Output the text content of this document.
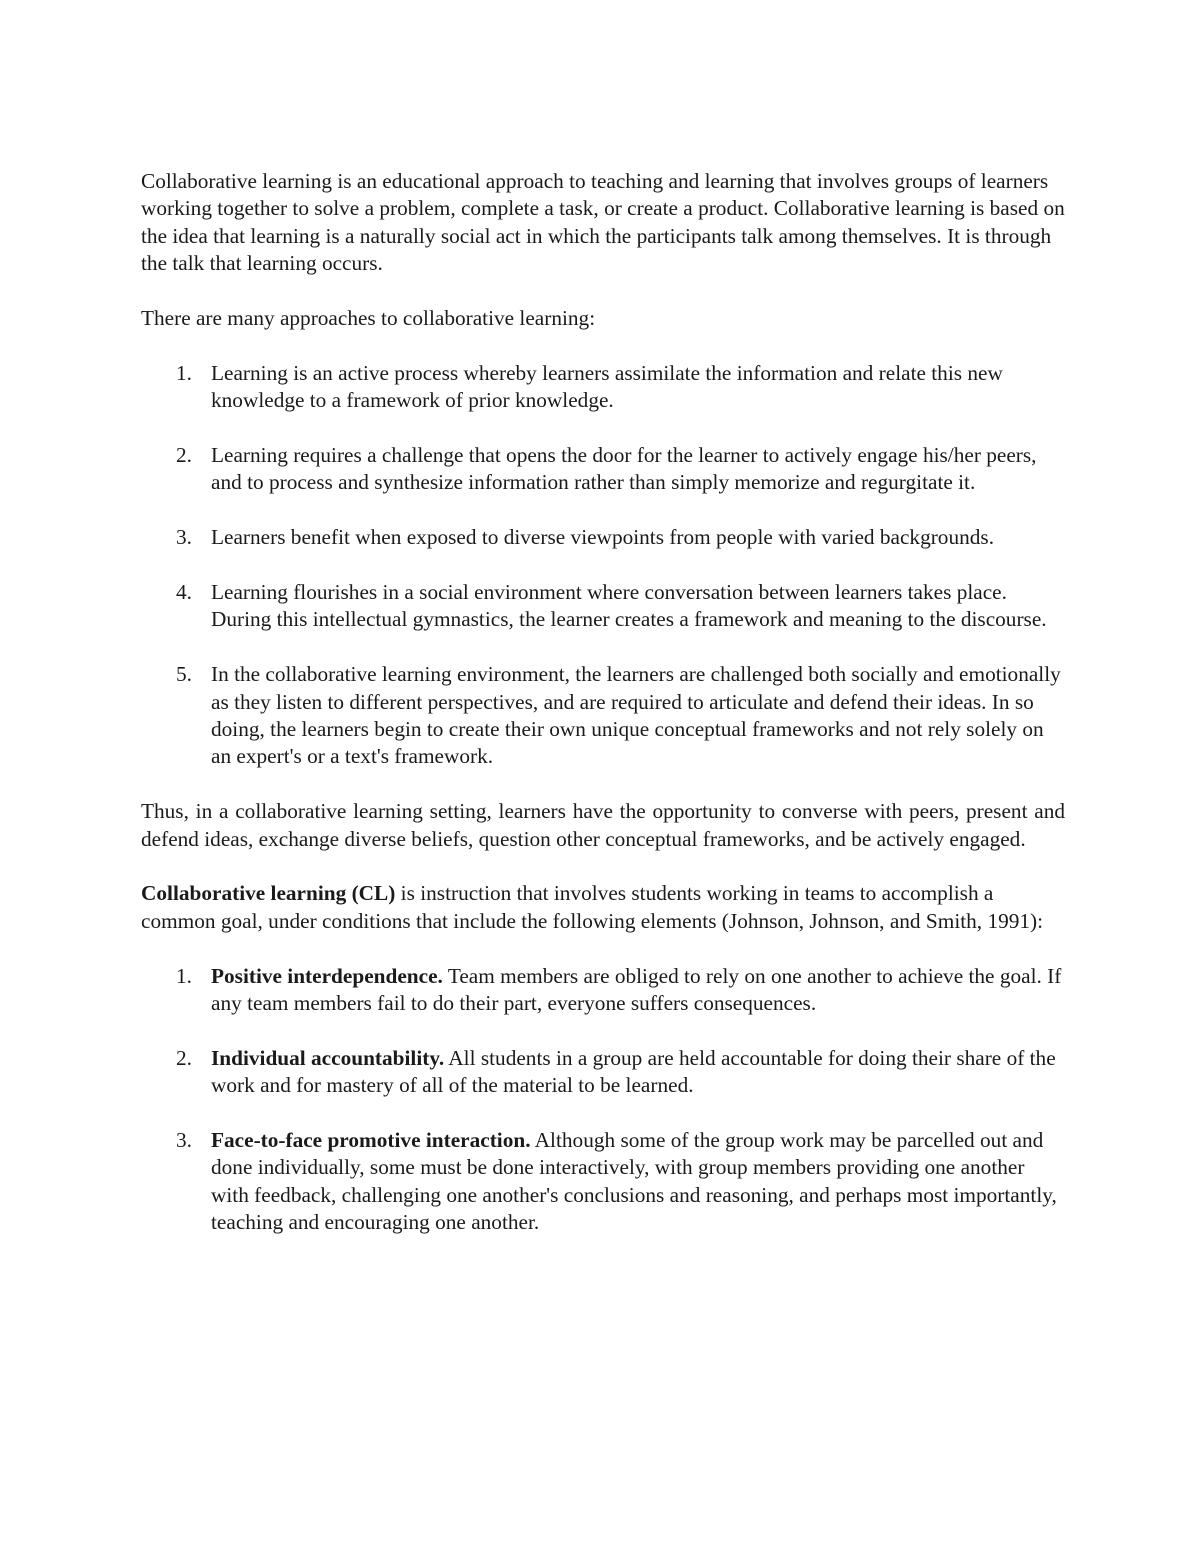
Collaborative learning is an educational approach to teaching and learning that involves groups of learners working together to solve a problem, complete a task, or create a product. Collaborative learning is based on the idea that learning is a naturally social act in which the participants talk among themselves. It is through the talk that learning occurs.

There are many approaches to collaborative learning:

1. Learning is an active process whereby learners assimilate the information and relate this new knowledge to a framework of prior knowledge.
2. Learning requires a challenge that opens the door for the learner to actively engage his/her peers, and to process and synthesize information rather than simply memorize and regurgitate it.
3. Learners benefit when exposed to diverse viewpoints from people with varied backgrounds.
4. Learning flourishes in a social environment where conversation between learners takes place. During this intellectual gymnastics, the learner creates a framework and meaning to the discourse.
5. In the collaborative learning environment, the learners are challenged both socially and emotionally as they listen to different perspectives, and are required to articulate and defend their ideas. In so doing, the learners begin to create their own unique conceptual frameworks and not rely solely on an expert's or a text's framework.

Thus, in a collaborative learning setting, learners have the opportunity to converse with peers, present and defend ideas, exchange diverse beliefs, question other conceptual frameworks, and be actively engaged.

Collaborative learning (CL) is instruction that involves students working in teams to accomplish a common goal, under conditions that include the following elements (Johnson, Johnson, and Smith, 1991):

1. Positive interdependence. Team members are obliged to rely on one another to achieve the goal. If any team members fail to do their part, everyone suffers consequences.
2. Individual accountability. All students in a group are held accountable for doing their share of the work and for mastery of all of the material to be learned.
3. Face-to-face promotive interaction. Although some of the group work may be parcelled out and done individually, some must be done interactively, with group members providing one another with feedback, challenging one another's conclusions and reasoning, and perhaps most importantly, teaching and encouraging one another.
